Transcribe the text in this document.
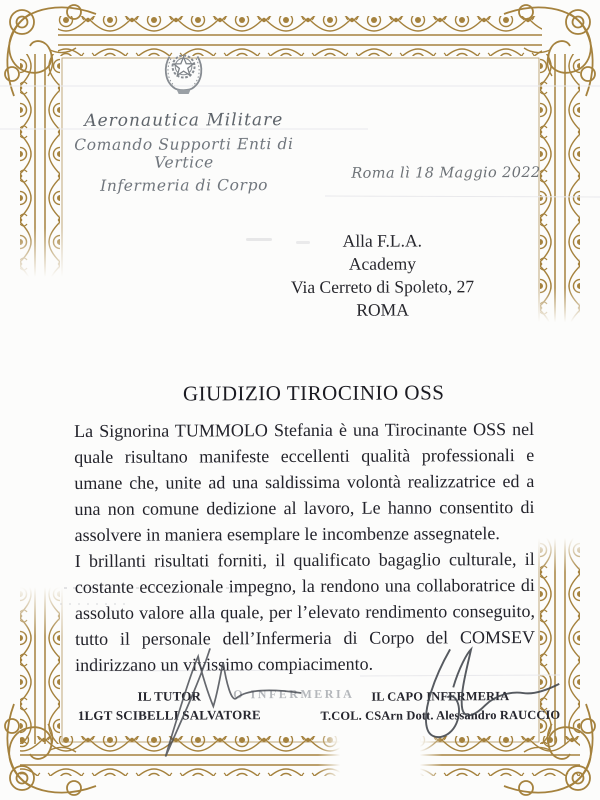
Aeronautica Militare
Comando Supporti Enti di Vertice
Infermeria di Corpo
Roma lì 18 Maggio 2022
Alla F.L.A.
Academy
Via Cerreto di Spoleto, 27
ROMA
GIUDIZIO TIROCINIO OSS

La Signorina TUMMOLO Stefania è una Tirocinante OSS nel quale risultano manifeste eccellenti qualità professionali e umane che, unite ad una saldissima volontà realizzatrice ed a una non comune dedizione al lavoro, Le hanno consentito di assolvere in maniera esemplare le incombenze assegnatele.

I brillanti risultati forniti, il qualificato bagaglio culturale, il costante eccezionale impegno, la rendono una collaboratrice di assoluto valore alla quale, per l’elevato rendimento conseguito, tutto il personale dell’Infermeria di Corpo del COMSEV indirizzano un vivissimo compiacimento.

O INFERMERIA
IL TUTOR
1LGT SCIBELLI SALVATORE
IL CAPO INFERMERIA
T.COL. CSArn Dott. Alessandro RAUCCIO
